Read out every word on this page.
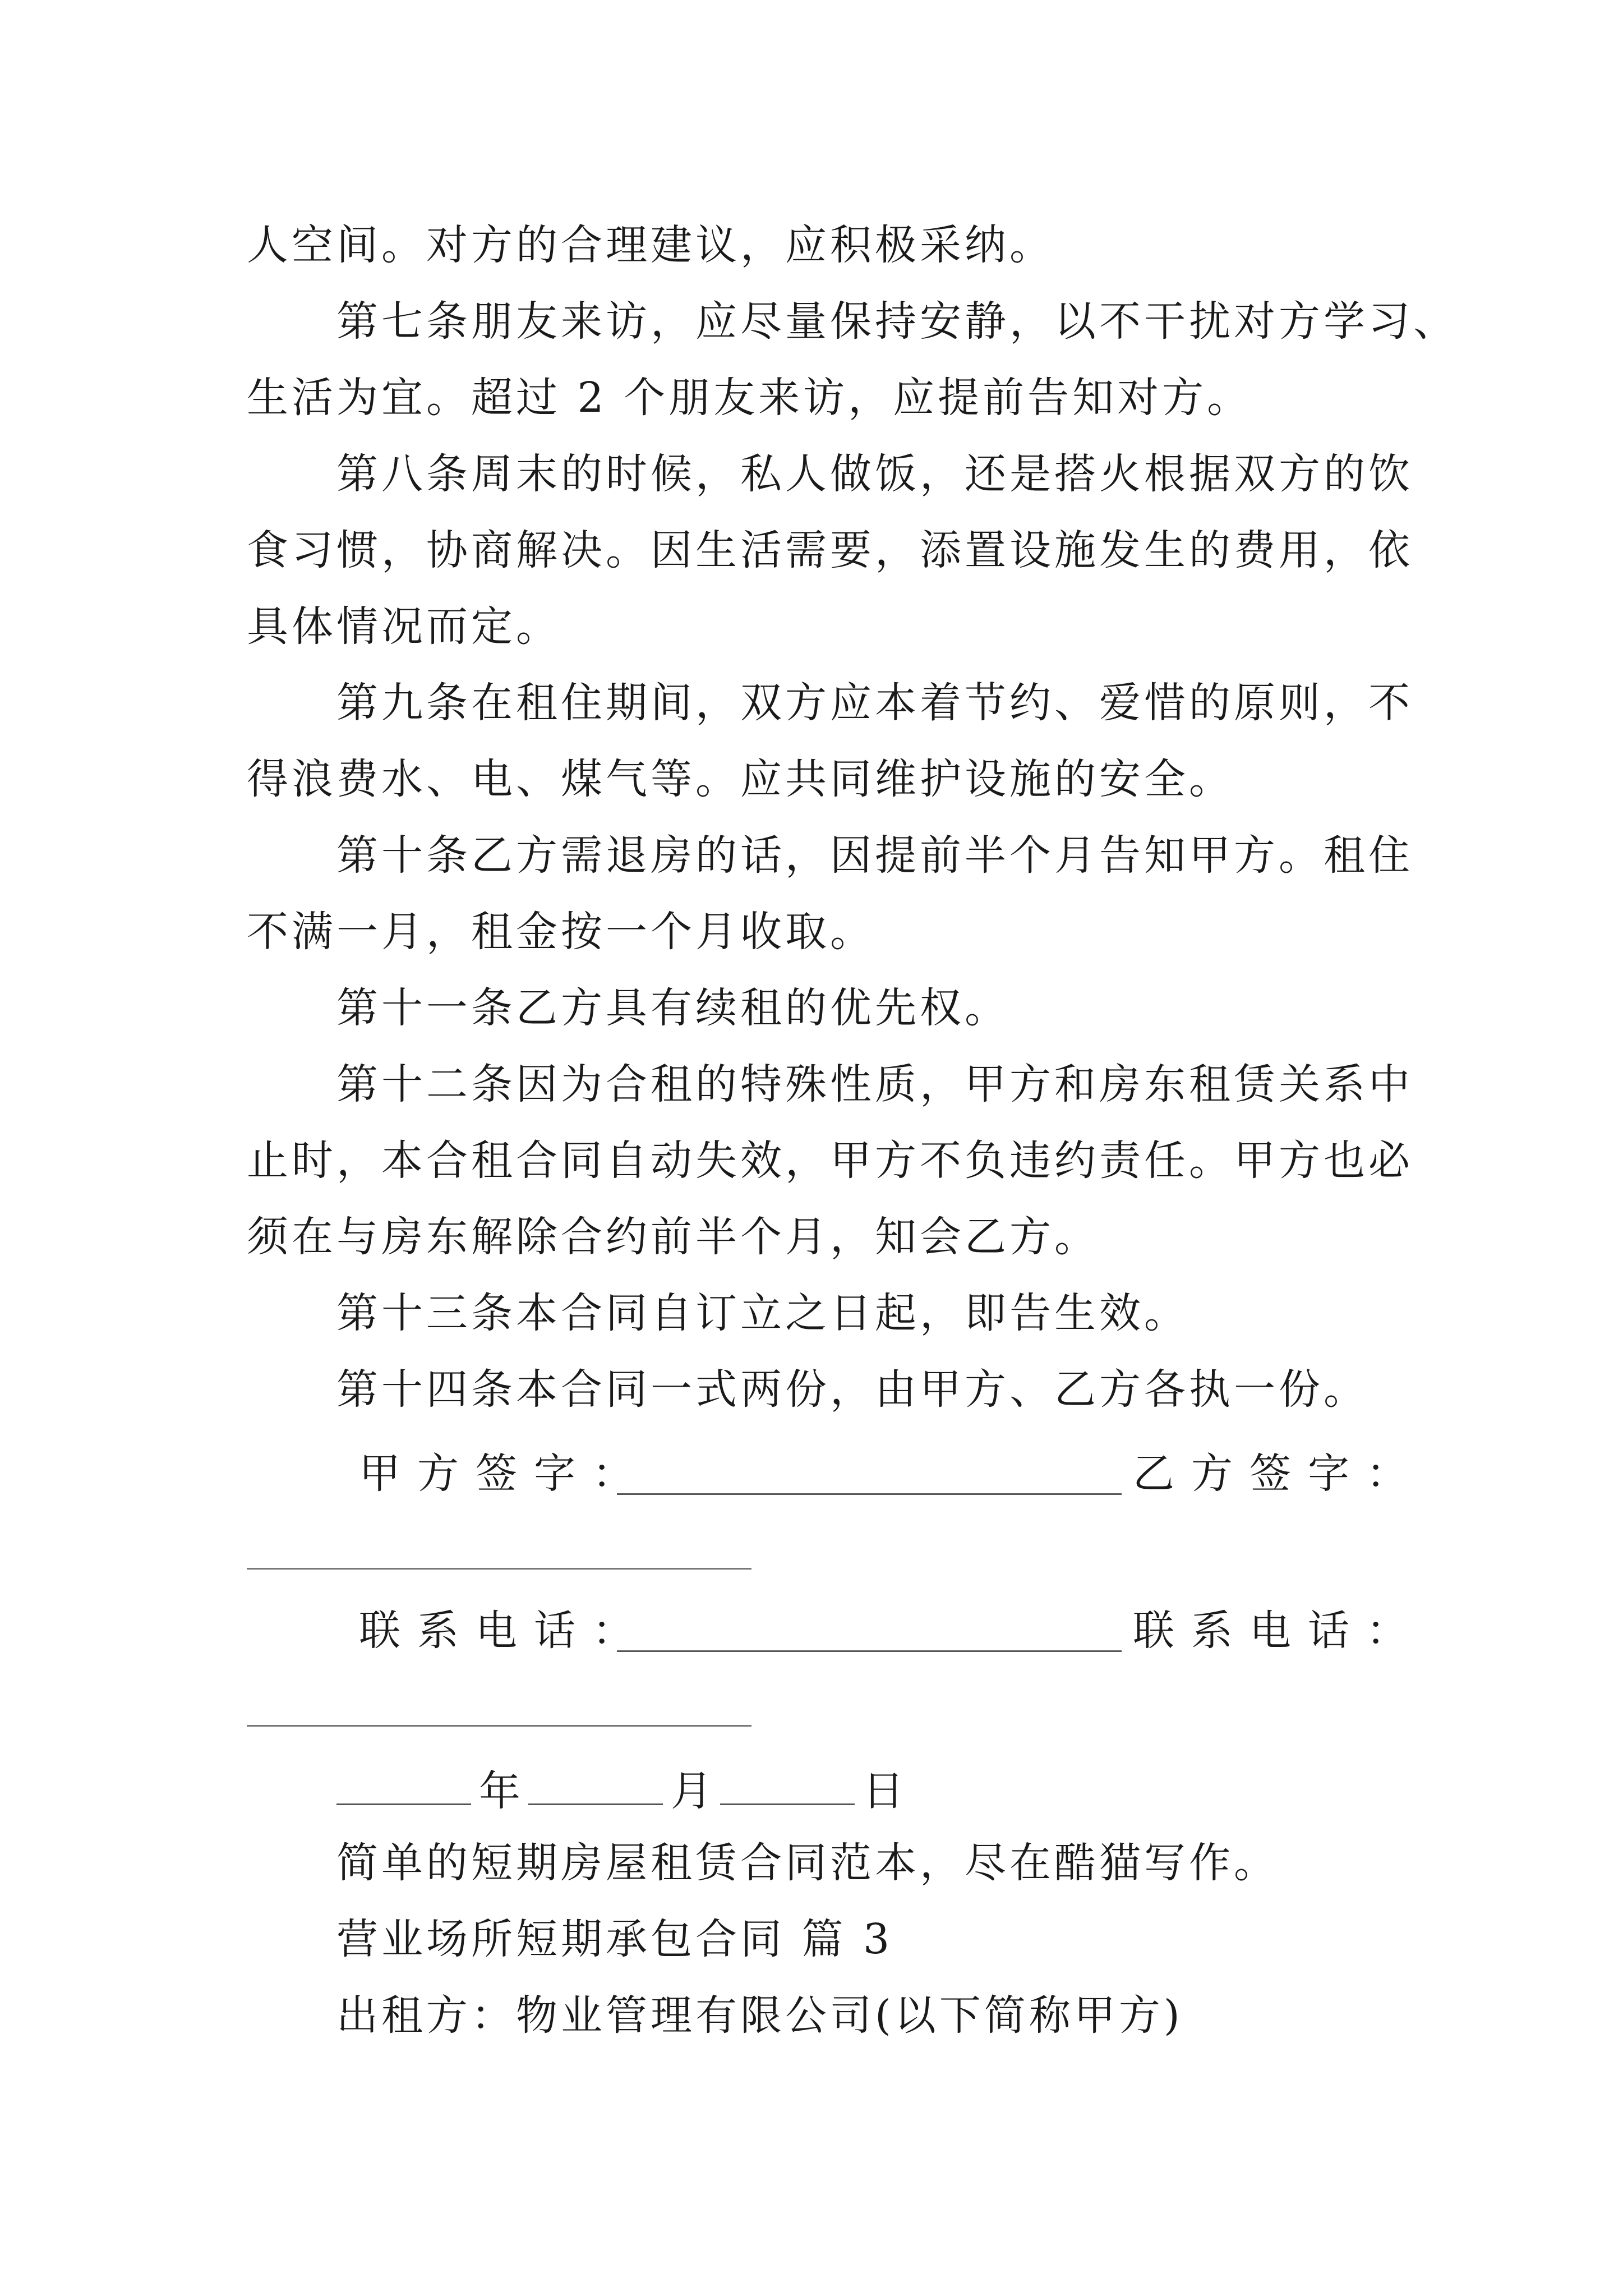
人空间。对方的合理建议，应积极采纳。
第七条朋友来访，应尽量保持安静，以不干扰对方学习、
生活为宜。超过 2 个朋友来访，应提前告知对方。
第八条周末的时候，私人做饭，还是搭火根据双方的饮
食习惯，协商解决。因生活需要，添置设施发生的费用，依
具体情况而定。
第九条在租住期间，双方应本着节约、爱惜的原则，不
得浪费水、电、煤气等。应共同维护设施的安全。
第十条乙方需退房的话，因提前半个月告知甲方。租住
不满一月，租金按一个月收取。
第十一条乙方具有续租的优先权。
第十二条因为合租的特殊性质，甲方和房东租赁关系中
止时，本合租合同自动失效，甲方不负违约责任。甲方也必
须在与房东解除合约前半个月，知会乙方。
第十三条本合同自订立之日起，即告生效。
第十四条本合同一式两份，由甲方、乙方各执一份。
甲方签字：	乙方签字：
联系电话：	联系电话：
年	月	日
简单的短期房屋租赁合同范本，尽在酷猫写作。
营业场所短期承包合同 篇 3
出租方：物业管理有限公司(以下简称甲方)
